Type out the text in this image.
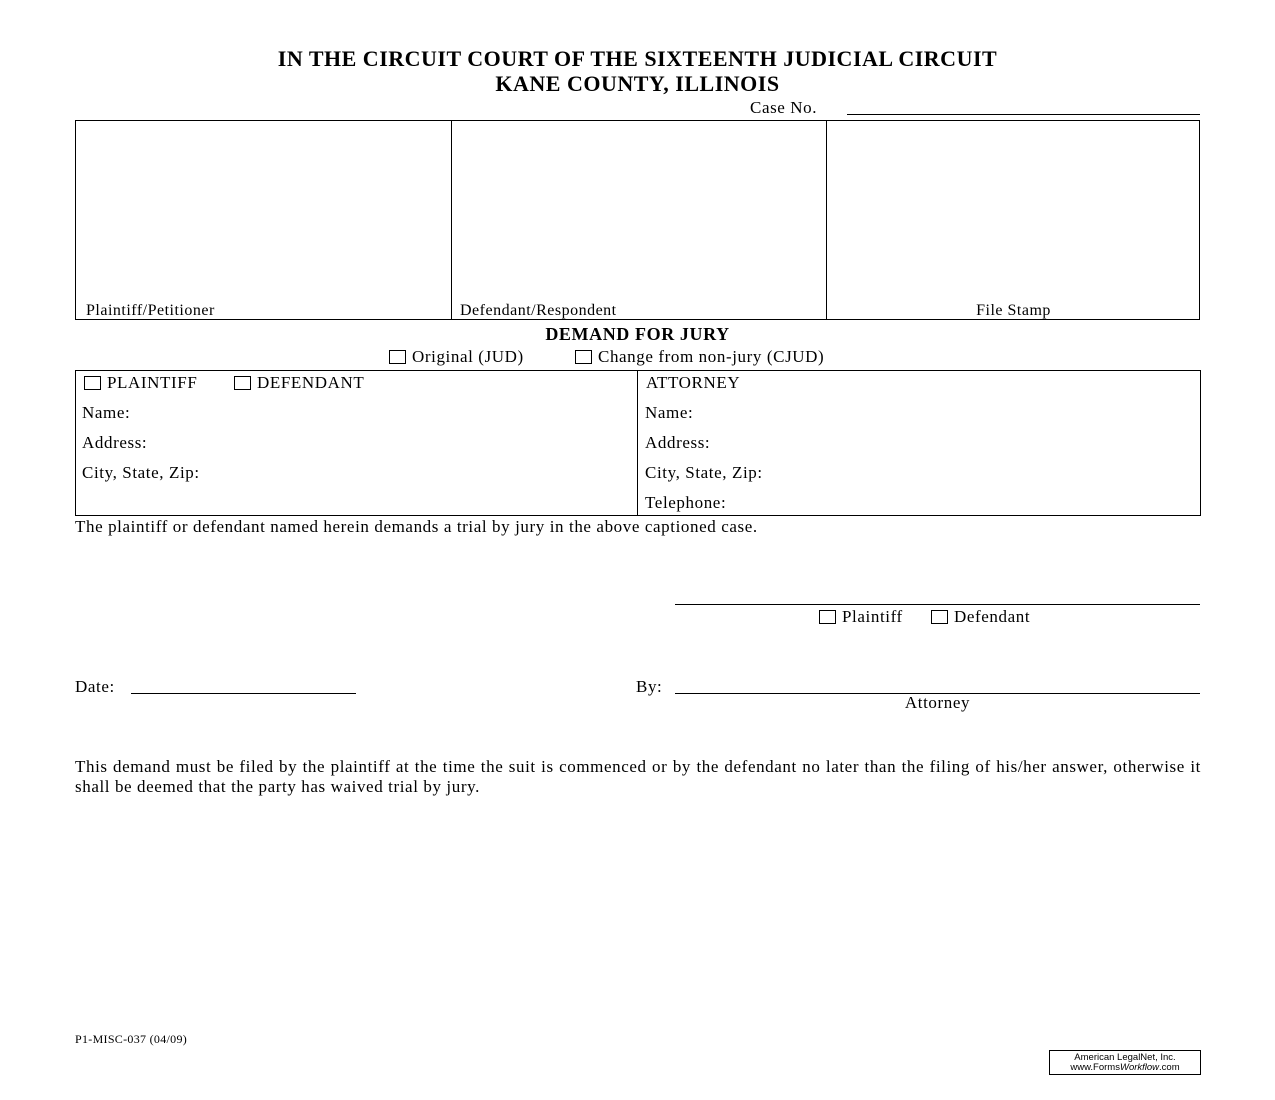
IN THE CIRCUIT COURT OF THE SIXTEENTH JUDICIAL CIRCUIT
KANE COUNTY, ILLINOIS
Case No.
Plaintiff/Petitioner	Defendant/Respondent	File Stamp
DEMAND FOR JURY
Original (JUD)	Change from non-jury (CJUD)
PLAINTIFF	DEFENDANT
Name:
Address:
City, State, Zip:
ATTORNEY
Name:
Address:
City, State, Zip:
Telephone:
The plaintiff or defendant named herein demands a trial by jury in the above captioned case.
Plaintiff	Defendant
Date:	By:
Attorney
This demand must be filed by the plaintiff at the time the suit is commenced or by the defendant no later than the filing of his/her answer, otherwise it shall be deemed that the party has waived trial by jury.
P1-MISC-037 (04/09)
American LegalNet, Inc.
www.FormsWorkflow.com
